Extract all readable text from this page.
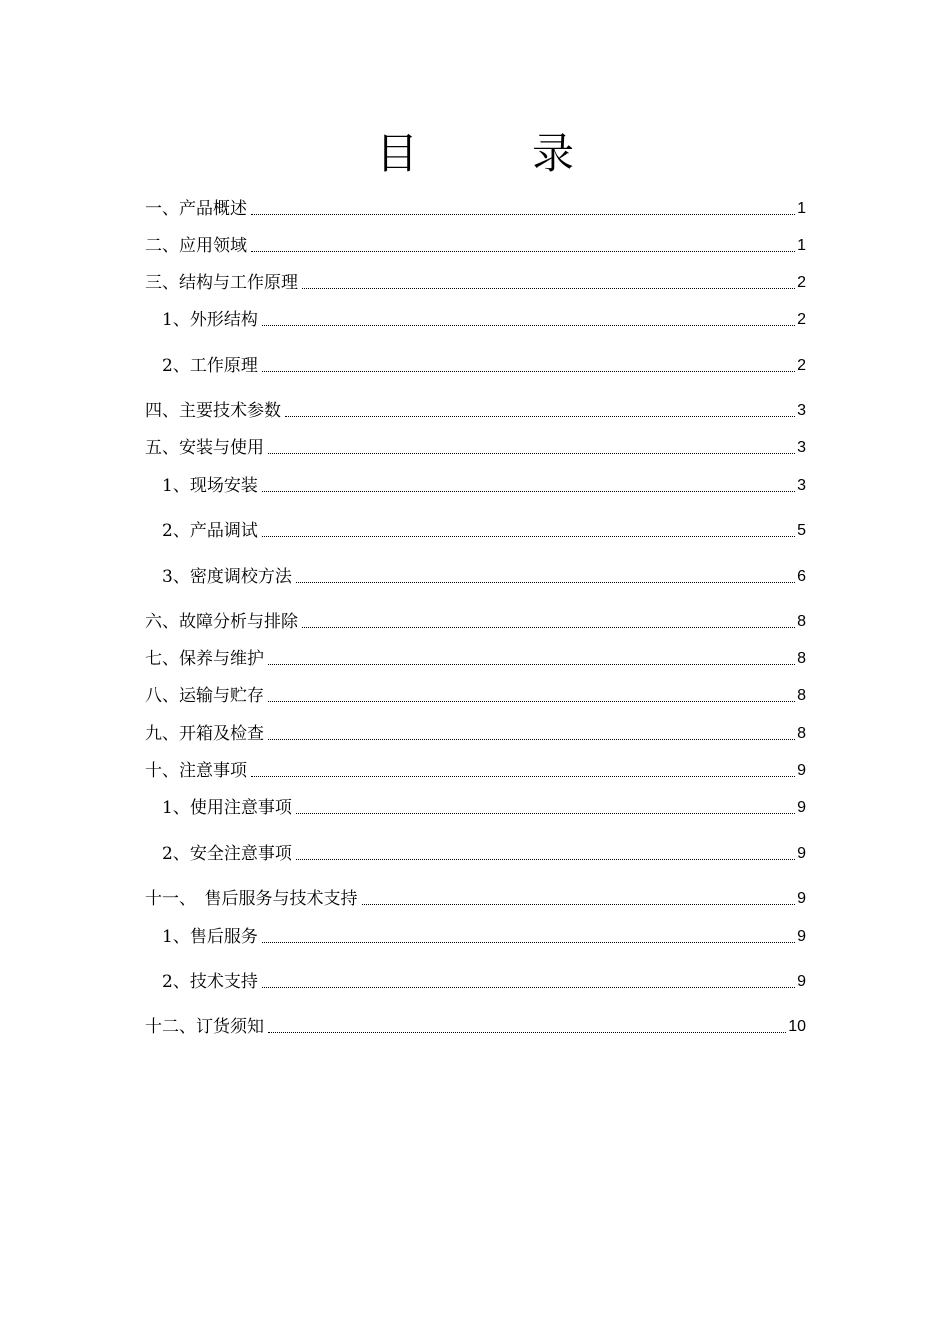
目　录
一、产品概述	1
二、应用领域	1
三、结构与工作原理	2
1、外形结构	2
2、工作原理	2
四、主要技术参数	3
五、安装与使用	3
1、现场安装	3
2、产品调试	5
3、密度调校方法	6
六、故障分析与排除	8
七、保养与维护	8
八、运输与贮存	8
九、开箱及检查	8
十、注意事项	9
1、使用注意事项	9
2、安全注意事项	9
十一、　售后服务与技术支持	9
1、售后服务	9
2、技术支持	9
十二、订货须知	10
